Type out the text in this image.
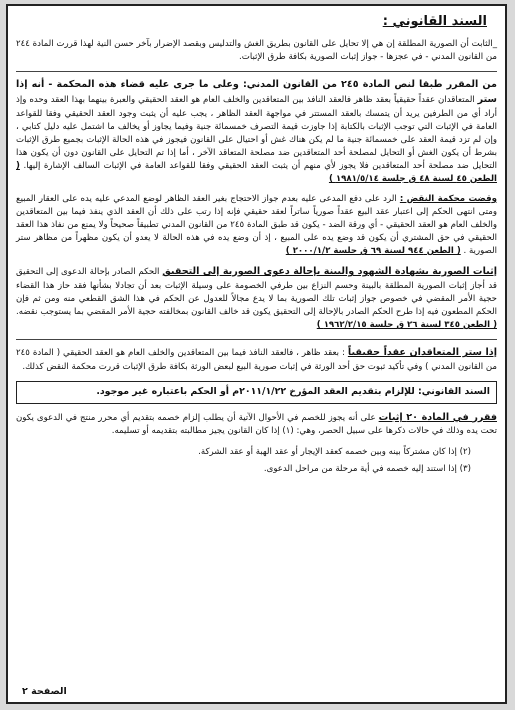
السند القانوني :

_الثابت أن الصورية المطلقة إن هي إلا تحايل على القانون بطريق الغش والتدليس وبقصد الإضرار بآخر حسن النية لهذا قررت المادة ٢٤٤ من القانون المدني - في عجزها - جواز إثبات الصورية بكافة طرق الإثبات.

من المقرر طبقا لنص المادة ٢٤٥ من القانون المدني: وعلى ما جرى عليه قضاء هذه المحكمة - أنه إذا ستر المتعاقدان عقداً حقيقياً بعقد ظاهر فالعقد النافذ بين المتعاقدين والخلف العام هو العقد الحقيقي والعبرة بينهما بهذا العقد وحده وإذ أراد أي من الطرفين يريد أن يتمسك بالعقد المستتر في مواجهة العقد الظاهر ، يجب عليه أن يثبت وجود العقد الحقيقي وفقا للقواعد العامة في الإثبات التي توجب الإثبات بالكتابة إذا جاوزت قيمة التصرف خمسمائة جنية وفيما يجاوز أو يخالف ما اشتمل عليه دليل كتابي ، وإن لم تزد قيمة العقد على خمسمائة جنية ما لم يكن هناك غش أو احتيال على القانون فيجوز في هذه الحالة الإثبات بجميع طرق الإثبات بشرط أن يكون الغش أو التحايل لمصلحة أحد المتعاقدين ضد مصلحة المتعاقد الآخر ، أما إذا تم التحايل على القانون دون أن يكون هذا التحايل ضد مصلحة أحد المتعاقدين فلا يجوز لأي منهم أن يثبت العقد الحقيقي وفقا للقواعد العامة في الإثبات السالف الإشارة إليها. ( الطعن ٤٥ لسنة ٤٨ ق جلسة ١٩٨١/٥/١٤ )

وقضت محكمة النقض : الرد على دفع المدعى عليه بعدم جواز الاحتجاج بغير العقد الظاهر لوضع المدعي عليه يده على العقار المبيع ومتى انتهى الحكم إلى اعتبار عقد البيع عقداً صورياً ساتراً لعقد حقيقي فإنه إذا رتب على ذلك أن العقد الذي ينفذ فيما بين المتعاقدين والخلف العام هو العقد الحقيقي - أي ورقة الضد - يكون قد طبق المادة ٢٤٥ من القانون المدني تطبيقاً صحيحاً ولا يمنع من نفاذ هذا العقد الحقيقي في حق المشتري أن يكون قد وضع يده على المبيع ، إذ أن وضع يده في هذه الحالة لا يعدو أن يكون مظهراً من مظاهر ستر الصورية . ( الطعن ٩٤٤ لسنة ٦٩ ق جلسة ٢٠٠٠/١/٢ )

إثبات الصورية بشهادة الشهود والبينة بإحالة دعوى الصورية إلى التحقيق الحكم الصادر بإحالة الدعوى إلى التحقيق قد أجاز إثبات الصورية المطلقة بالبينة وحسم النزاع بين طرفي الخصومة على وسيلة الإثبات بعد أن تجادلا بشأنها فقد حاز هذا القضاء حجية الأمر المقضي في خصوص جواز إثبات تلك الصورية بما لا يدع مجالاً للعدول عن الحكم في هذا الشق القطعي منه ومن ثم فإن الحكم المطعون فيه إذا طرح الحكم الصادر بالإحالة إلى التحقيق يكون قد خالف القانون بمخالفته حجية الأمر المقضي بما يستوجب نقضه. ( الطعن ٣٤٥ لسنة ٢٦ ق جلسة ١٩٦٢/٢/١٥ )

إذا ستر المتعاقدان عقداً حقيقياً : بعقد ظاهر ، فالعقد النافذ فيما بين المتعاقدين والخلف العام هو العقد الحقيقي ( المادة ٢٤٥ من القانون المدني ) وفي تأكيد ثبوت حق أحد الورثة في إثبات صورية البيع لبعض الورثة بكافة طرق الإثبات قررت محكمة النقض كذلك.

السند القانوني: للإلزام بتقديم العقد المؤرخ ٢٠١١/١/٢٢م أو الحكم باعتباره غير موجود.

فقرر في المادة ٢٠ إثبات على أنه يجوز للخصم في الأحوال الآتية أن يطلب إلزام خصمه بتقديم أي محرر منتج في الدعوى يكون تحت يده وذلك في حالات ذكرها على سبيل الحصر، وهي: (١) إذا كان القانون يجيز مطالبته بتقديمه أو تسليمه.

(٢) إذا كان مشتركاً بينه وبين خصمه كعقد الإيجار أو عقد الهبة أو عقد الشركة.
(٣) إذا استند إليه خصمه في أية مرحلة من مراحل الدعوى.
الصفحة ٢
